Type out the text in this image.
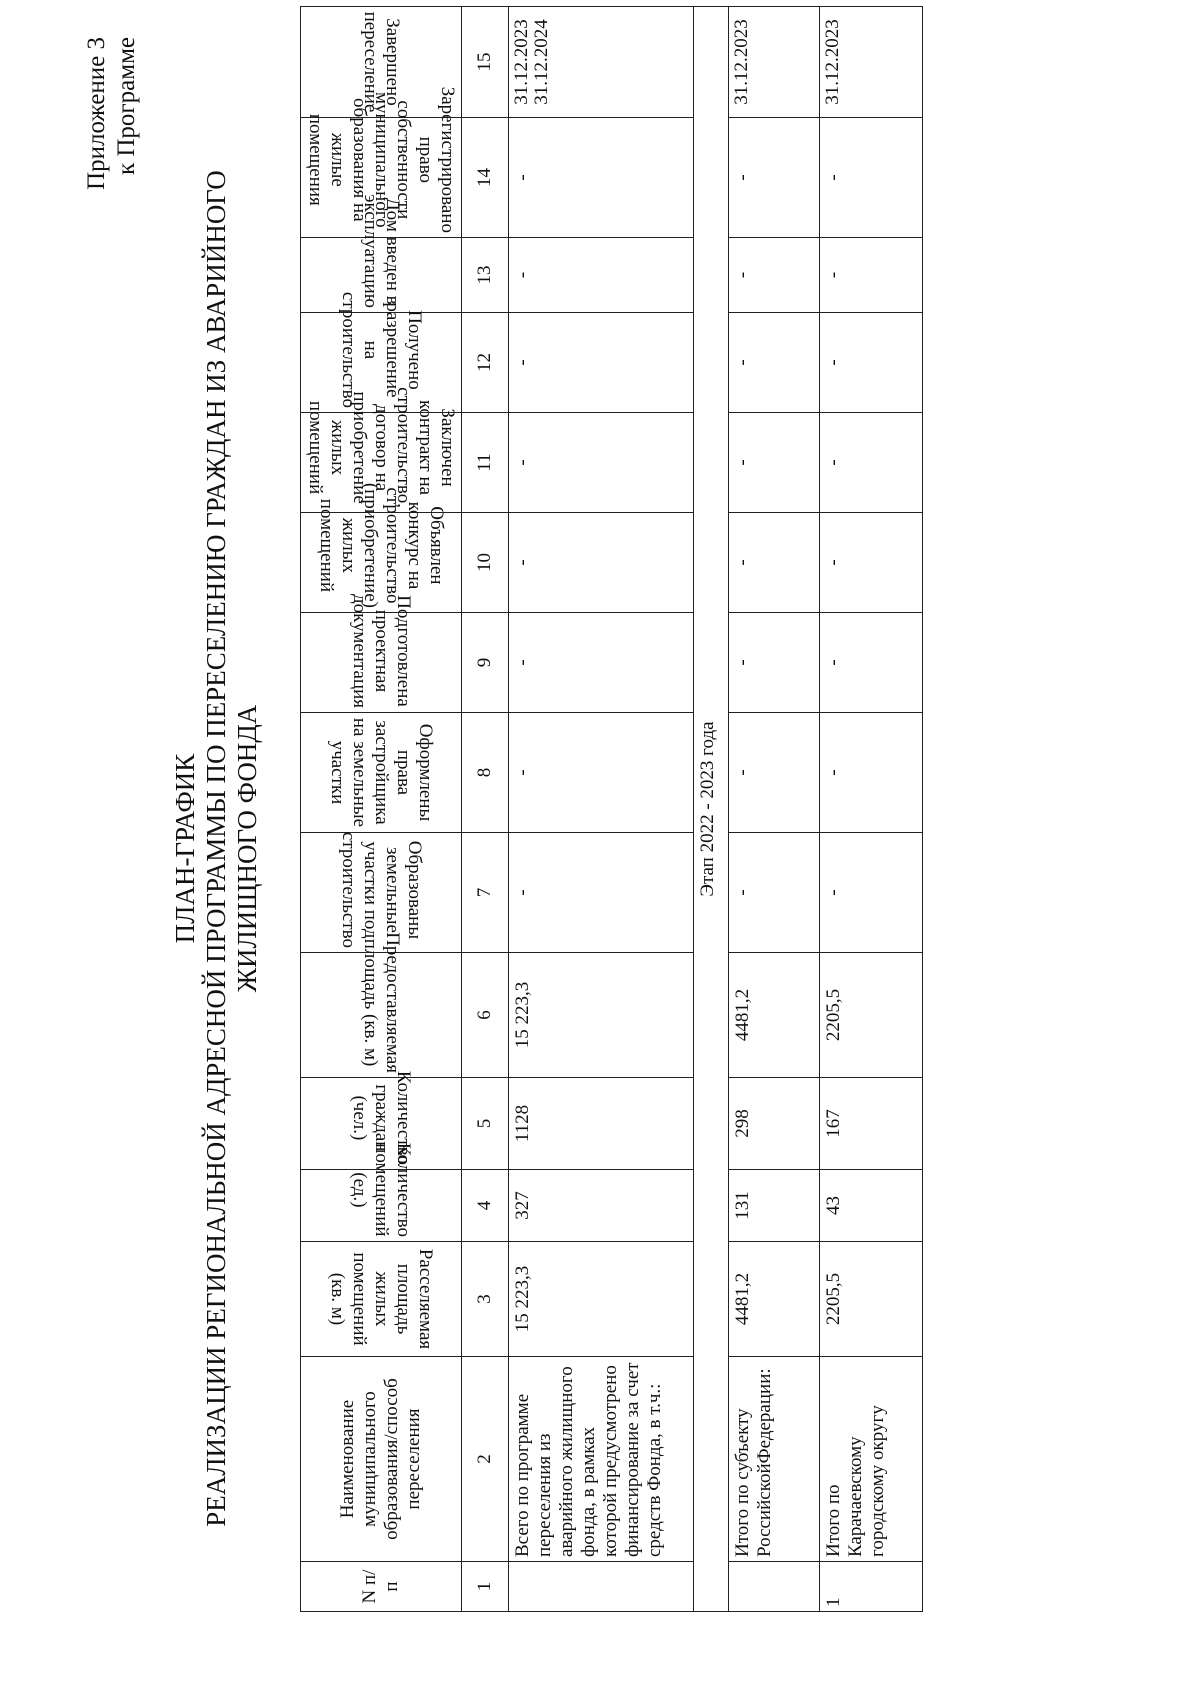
Приложение 3 к Программе
ПЛАН-ГРАФИК РЕАЛИЗАЦИИ РЕГИОНАЛЬНОЙ АДРЕСНОЙ ПРОГРАММЫ ПО ПЕРЕСЕЛЕНИЮ ГРАЖДАН ИЗ АВАРИЙНОГО ЖИЛИЩНОГО ФОНДА
N п/п	Наименование муниципального образования/способ переселения	Расселяемая площадь жилых помещений (кв. м)	Количество помещений (ед.)	Количество граждан (чел.)	Предоставляемая площадь (кв. м)	Образованы земельные участки под строительство	Оформлены права застройщика на земельные участки	Подготовлена проектная документация	Объявлен конкурс на строительство (приобретение) жилых помещений	Заключен контракт на строительство, договор на приобретение жилых помещений	Получено разрешение на строительство	Дом введен в эксплуатацию	Зарегистрировано право собственности муниципального образования на жилые помещения	Завершено переселение
1	2	3	4	5	6	7	8	9	10	11	12	13	14	15
	Всего по программе переселения из аварийного жилищного фонда, в рамках которой предусмотрено финансирование за счет средств Фонда, в т.ч.:	15 223,3	327	1128	15 223,3	-	-	-	-	-	-	-	-	31.12.2023 31.12.2024

Этап 2022 - 2023 года														
	Итого по субъекту РоссийскойФедерации:	4481,2	131	298	4481,2	-	-	-	-	-	-	-	-	31.12.2023
1	Итого по Карачаевскому городскому округу	2205,5	43	167	2205,5	-	-	-	-	-	-	-	-	31.12.2023
